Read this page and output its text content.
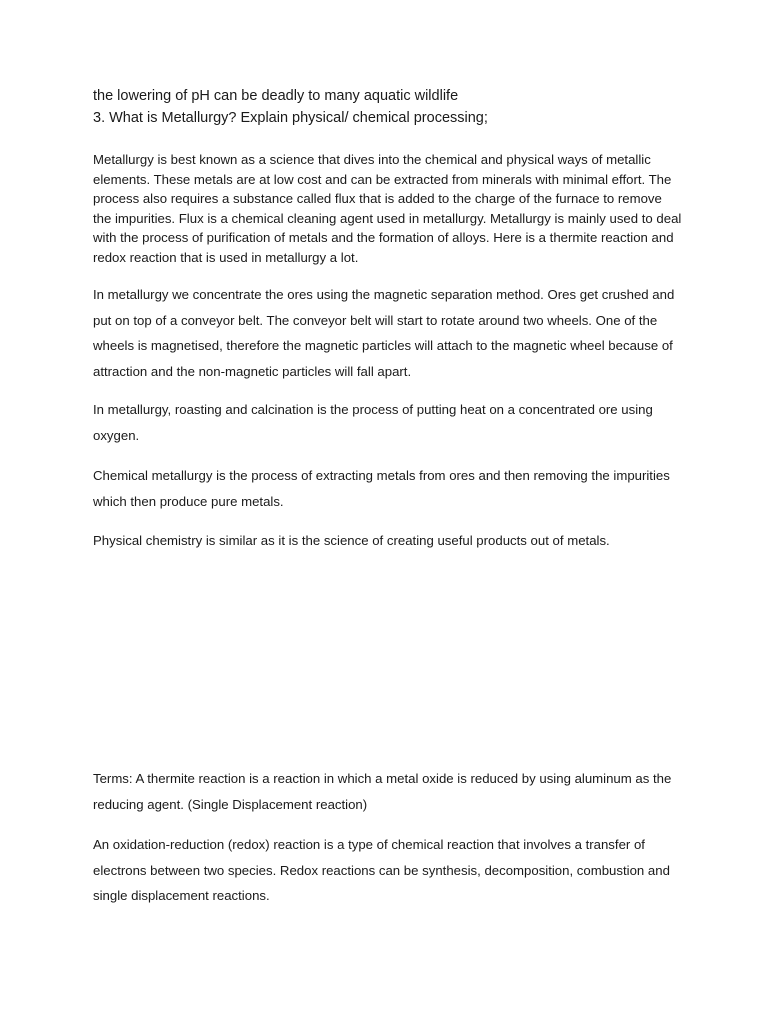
the lowering of pH can be deadly to many aquatic wildlife

3. What is Metallurgy? Explain physical/ chemical processing;

Metallurgy is best known as a science that dives into the chemical and physical ways of metallic elements. These metals are at low cost and can be extracted from minerals with minimal effort. The process also requires a substance called flux that is added to the charge of the furnace to remove the impurities. Flux is a chemical cleaning agent used in metallurgy. Metallurgy is mainly used to deal with the process of purification of metals and the formation of alloys. Here is a thermite reaction and redox reaction that is used in metallurgy a lot.

In metallurgy we concentrate the ores using the magnetic separation method. Ores get crushed and put on top of a conveyor belt. The conveyor belt will start to rotate around two wheels. One of the wheels is magnetised, therefore the magnetic particles will attach to the magnetic wheel because of attraction and the non-magnetic particles will fall apart.

In metallurgy, roasting and calcination is the process of putting heat on a concentrated ore using oxygen.

Chemical metallurgy is the process of extracting metals from ores and then removing the impurities which then produce pure metals.

Physical chemistry is similar as it is the science of creating useful products out of metals.

Terms: A thermite reaction is a reaction in which a metal oxide is reduced by using aluminum as the reducing agent. (Single Displacement reaction)

An oxidation-reduction (redox) reaction is a type of chemical reaction that involves a transfer of electrons between two species. Redox reactions can be synthesis, decomposition, combustion and single displacement reactions.
